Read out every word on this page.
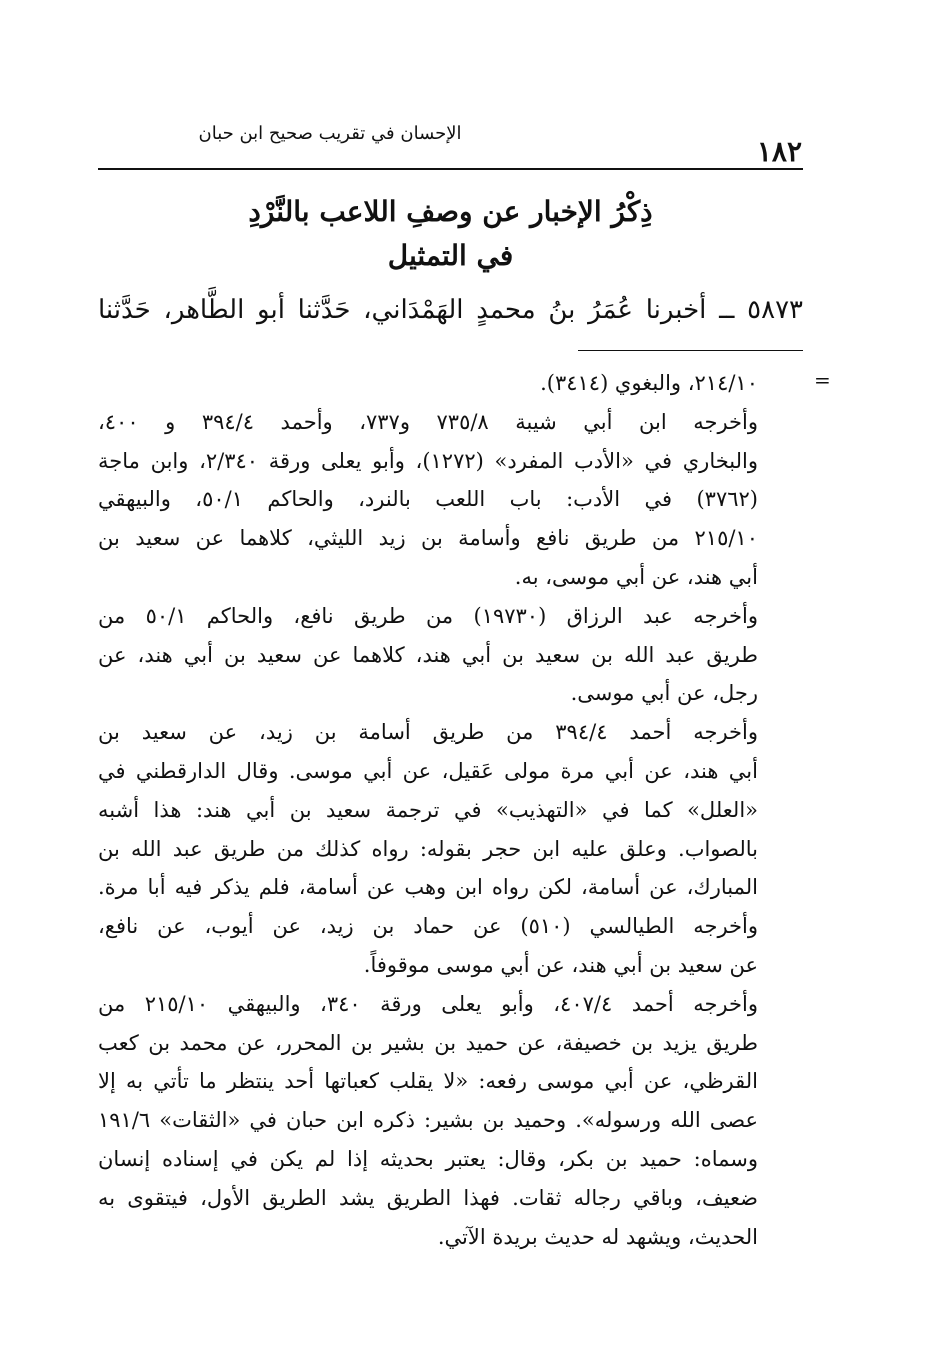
الإحسان في تقريب صحيح ابن حبان
١٨٢
ذِكْرُ الإخبار عن وصفِ اللاعب بالنَّرْدِ
في التمثيل
٥٨٧٣ ــ أخبرنا عُمَرُ بنُ محمدٍ الهَمْدَاني، حَدَّثنا أبو الطَّاهر، حَدَّثنا
=
٢١٤/١٠، والبغوي (٣٤١٤).
وأخرجه ابن أبي شيبة ٧٣٥/٨ و٧٣٧، وأحمد ٣٩٤/٤ و ٤٠٠،
والبخاري في «الأدب المفرد» (١٢٧٢)، وأبو يعلى ورقة ٢/٣٤٠، وابن ماجة
(٣٧٦٢) في الأدب: باب اللعب بالنرد، والحاكم ٥٠/١، والبيهقي
٢١٥/١٠ من طريق نافع وأسامة بن زيد الليثي، كلاهما عن سعيد بن
أبي هند، عن أبي موسى، به.
وأخرجه عبد الرزاق (١٩٧٣٠) من طريق نافع، والحاكم ٥٠/١ من
طريق عبد الله بن سعيد بن أبي هند، كلاهما عن سعيد بن أبي هند، عن
رجل، عن أبي موسى.
وأخرجه أحمد ٣٩٤/٤ من طريق أسامة بن زيد، عن سعيد بن
أبي هند، عن أبي مرة مولى عَقيل، عن أبي موسى. وقال الدارقطني في
«العلل» كما في «التهذيب» في ترجمة سعيد بن أبي هند: هذا أشبه
بالصواب. وعلق عليه ابن حجر بقوله: رواه كذلك من طريق عبد الله بن
المبارك، عن أسامة، لكن رواه ابن وهب عن أسامة، فلم يذكر فيه أبا مرة.
وأخرجه الطيالسي (٥١٠) عن حماد بن زيد، عن أيوب، عن نافع،
عن سعيد بن أبي هند، عن أبي موسى موقوفاً.
وأخرجه أحمد ٤٠٧/٤، وأبو يعلى ورقة ٣٤٠، والبيهقي ٢١٥/١٠ من
طريق يزيد بن خصيفة، عن حميد بن بشير بن المحرر، عن محمد بن كعب
القرظي، عن أبي موسى رفعه: «لا يقلب كعباتها أحد ينتظر ما تأتي به إلا
عصى الله ورسوله». وحميد بن بشير: ذكره ابن حبان في «الثقات» ١٩١/٦
وسماه: حميد بن بكر، وقال: يعتبر بحديثه إذا لم يكن في إسناده إنسان
ضعيف، وباقي رجاله ثقات. فهذا الطريق يشد الطريق الأول، فيتقوى به
الحديث، ويشهد له حديث بريدة الآتي.
